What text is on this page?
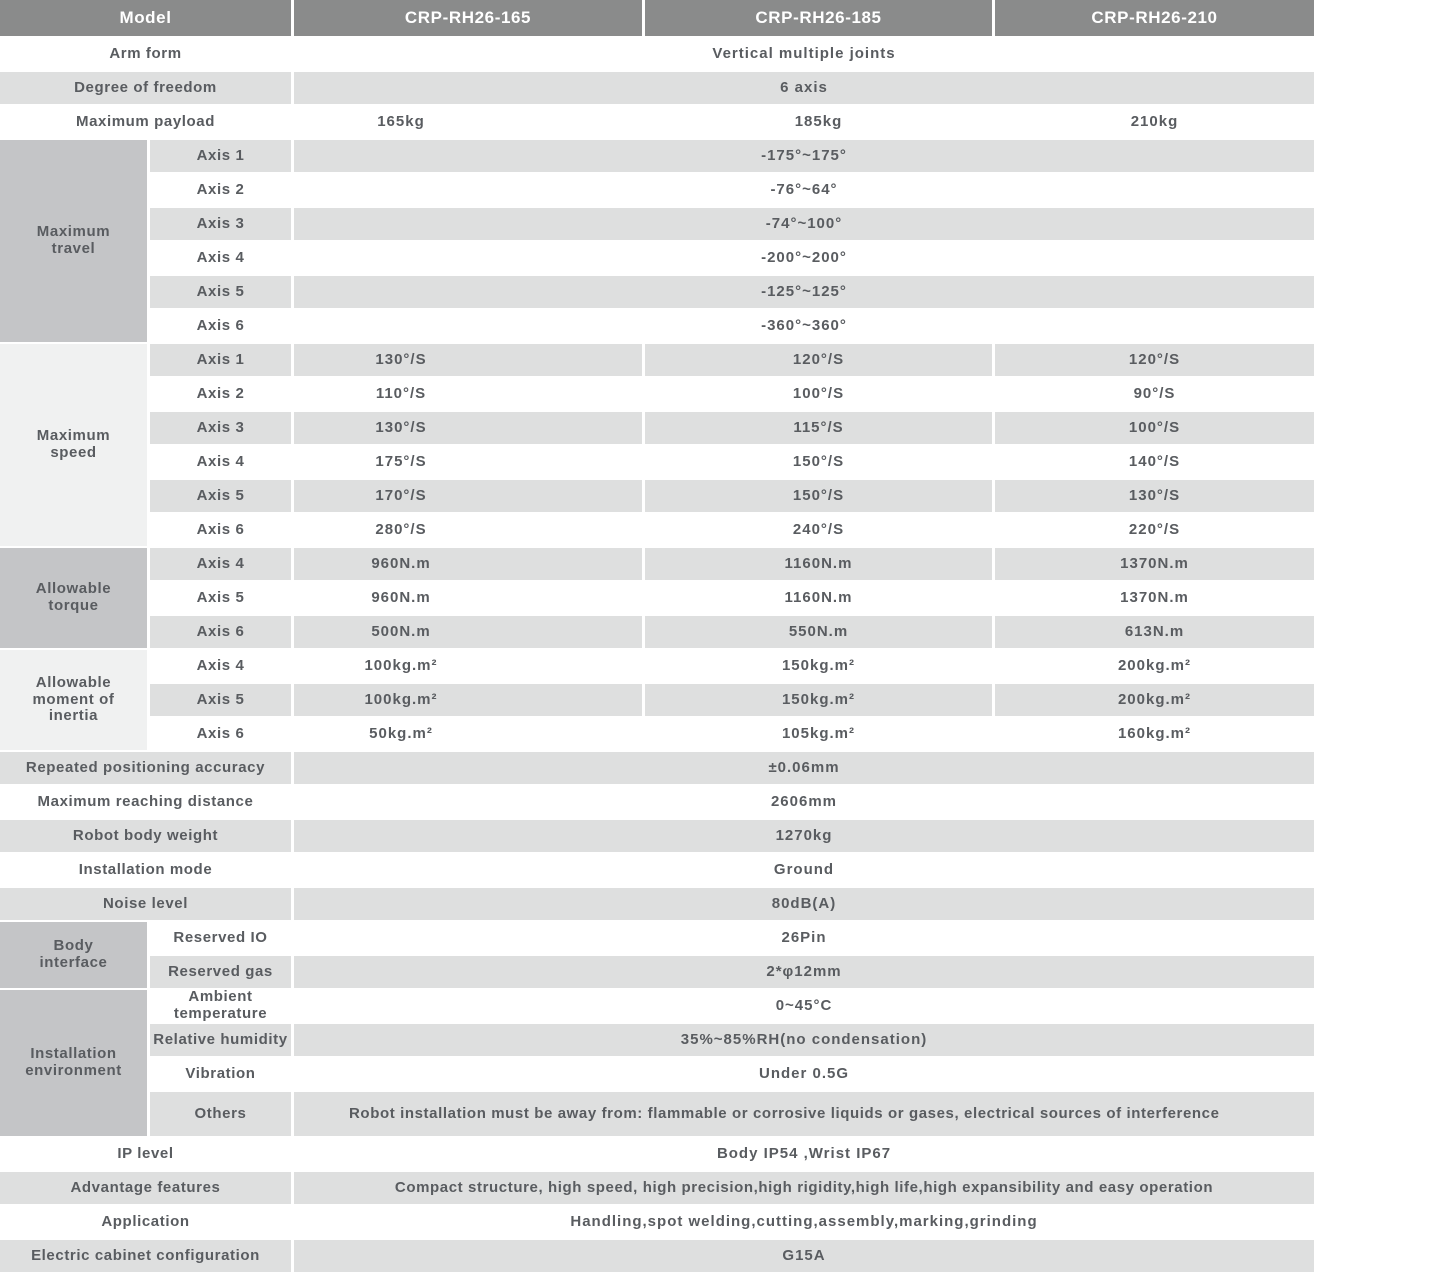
Model	CRP-RH26-165	CRP-RH26-185	CRP-RH26-210
Arm form	Vertical multiple joints
Degree of freedom	6 axis
Maximum payload	165kg	185kg	210kg
Maximum travel
Axis 1	-175°~175°
Axis 2	-76°~64°
Axis 3	-74°~100°
Axis 4	-200°~200°
Axis 5	-125°~125°
Axis 6	-360°~360°
Maximum speed
Axis 1	130°/S	120°/S	120°/S
Axis 2	110°/S	100°/S	90°/S
Axis 3	130°/S	115°/S	100°/S
Axis 4	175°/S	150°/S	140°/S
Axis 5	170°/S	150°/S	130°/S
Axis 6	280°/S	240°/S	220°/S
Allowable torque
Axis 4	960N.m	1160N.m	1370N.m
Axis 5	960N.m	1160N.m	1370N.m
Axis 6	500N.m	550N.m	613N.m
Allowable moment of inertia
Axis 4	100kg.m²	150kg.m²	200kg.m²
Axis 5	100kg.m²	150kg.m²	200kg.m²
Axis 6	50kg.m²	105kg.m²	160kg.m²
Repeated positioning accuracy	±0.06mm
Maximum reaching distance	2606mm
Robot body weight	1270kg
Installation mode	Ground
Noise level	80dB(A)
Body interface
Reserved IO	26Pin
Reserved gas	2*φ12mm
Installation environment
Ambient temperature	0~45°C
Relative humidity	35%~85%RH(no condensation)
Vibration	Under 0.5G
Others	Robot installation must be away from: flammable or corrosive liquids or gases, electrical sources of interference
IP level	Body IP54 ,Wrist IP67
Advantage features	Compact structure, high speed, high precision,high rigidity,high life,high expansibility and easy operation
Application	Handling,spot welding,cutting,assembly,marking,grinding
Electric cabinet configuration	G15A
